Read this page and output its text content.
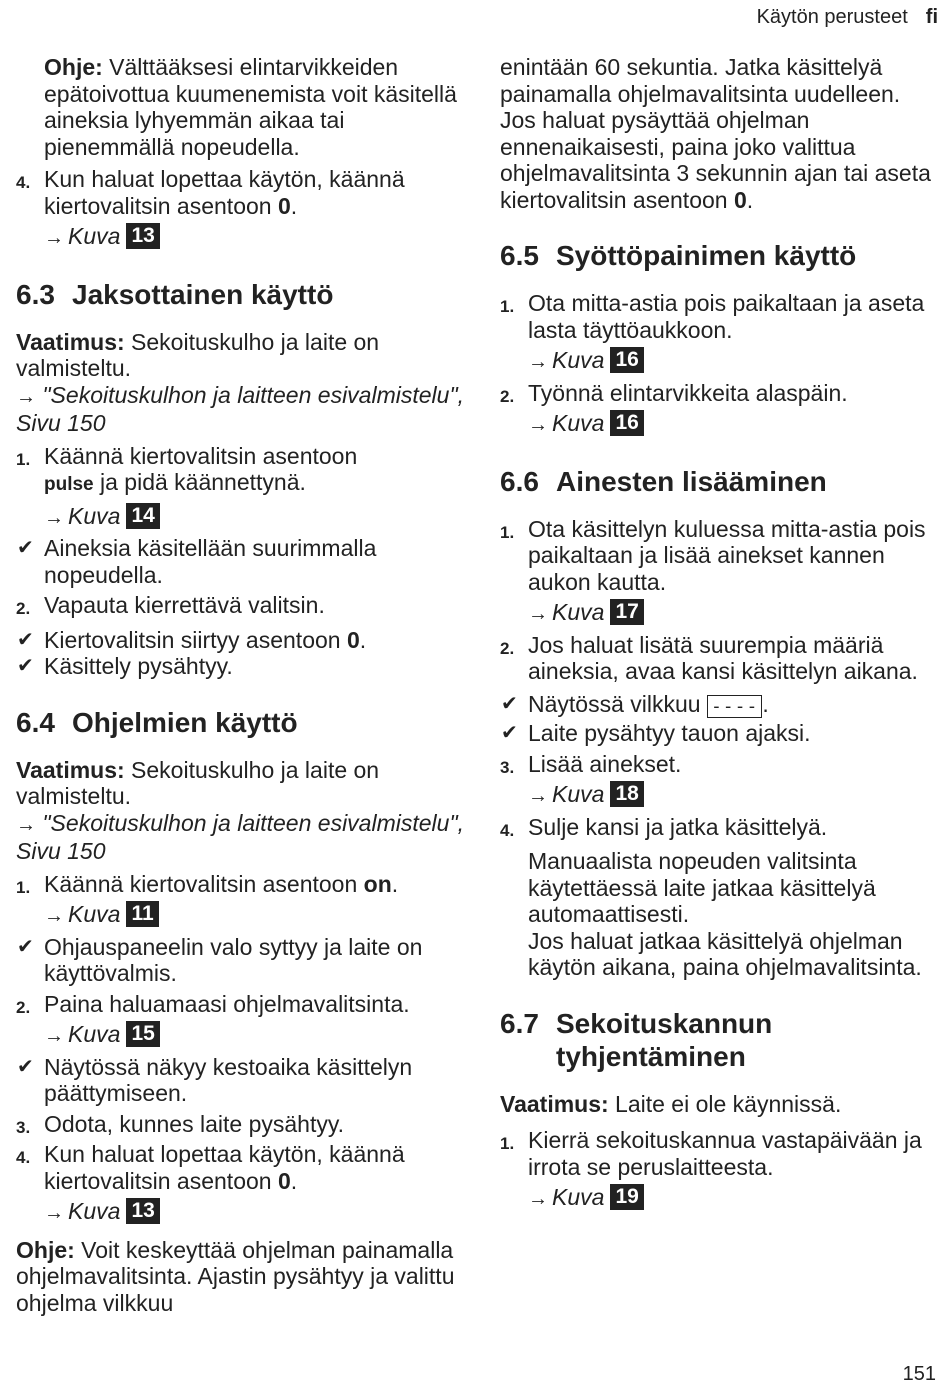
Käytön perusteet fi

Ohje: Välttääksesi elintarvikkeiden epätoivottua kuumenemista voit käsitellä aineksia lyhyemmän aikaa tai pienemmällä nopeudella.

4. Kun haluat lopettaa käytön, käännä kiertovalitsin asentoon 0.
→ Kuva 13
6.3 Jaksottainen käyttö

Vaatimus: Sekoituskulho ja laite on valmisteltu.

→ "Sekoituskulhon ja laitteen esivalmistelu", Sivu 150

1. Käännä kiertovalitsin asentoon
pulse ja pidä käännettynä.
→ Kuva 14
✔ Aineksia käsitellään suurimmalla nopeudella.
2. Vapauta kierrettävä valitsin.
✔ Kiertovalitsin siirtyy asentoon 0.
✔ Käsittely pysähtyy.
6.4 Ohjelmien käyttö

Vaatimus: Sekoituskulho ja laite on valmisteltu.

→ "Sekoituskulhon ja laitteen esivalmistelu", Sivu 150

1. Käännä kiertovalitsin asentoon on.
→ Kuva 11
✔ Ohjauspaneelin valo syttyy ja laite on käyttövalmis.
2. Paina haluamaasi ohjelmavalitsinta.
→ Kuva 15
✔ Näytössä näkyy kestoaika käsittelyn päättymiseen.
3. Odota, kunnes laite pysähtyy.
4. Kun haluat lopettaa käytön, käännä kiertovalitsin asentoon 0.
→ Kuva 13

Ohje: Voit keskeyttää ohjelman painamalla ohjelmavalitsinta. Ajastin pysähtyy ja valittu ohjelma vilkkuu

enintään 60 sekuntia. Jatka käsittelyä painamalla ohjelmavalitsinta uudelleen.

Jos haluat pysäyttää ohjelman ennenaikaisesti, paina joko valittua ohjelmavalitsinta 3 sekunnin ajan tai aseta kiertovalitsin asentoon 0.

6.5 Syöttöpainimen käyttö
1. Ota mitta-astia pois paikaltaan ja aseta lasta täyttöaukkoon.
→ Kuva 16
2. Työnnä elintarvikkeita alaspäin.
→ Kuva 16
6.6 Ainesten lisääminen
1. Ota käsittelyn kuluessa mitta-astia pois paikaltaan ja lisää ainekset kannen aukon kautta.
→ Kuva 17
2. Jos haluat lisätä suurempia määriä aineksia, avaa kansi käsittelyn aikana.
✔ Näytössä vilkkuu ---- .
✔ Laite pysähtyy tauon ajaksi.
3. Lisää ainekset.
→ Kuva 18
4. Sulje kansi ja jatka käsittelyä.

Manuaalista nopeuden valitsinta käytettäessä laite jatkaa käsittelyä automaattisesti.

Jos haluat jatkaa käsittelyä ohjelman käytön aikana, paina ohjelmavalitsinta.

6.7 Sekoituskannun tyhjentäminen

Vaatimus: Laite ei ole käynnissä.

1. Kierrä sekoituskannua vastapäivään ja irrota se peruslaitteesta.
→ Kuva 19
151
